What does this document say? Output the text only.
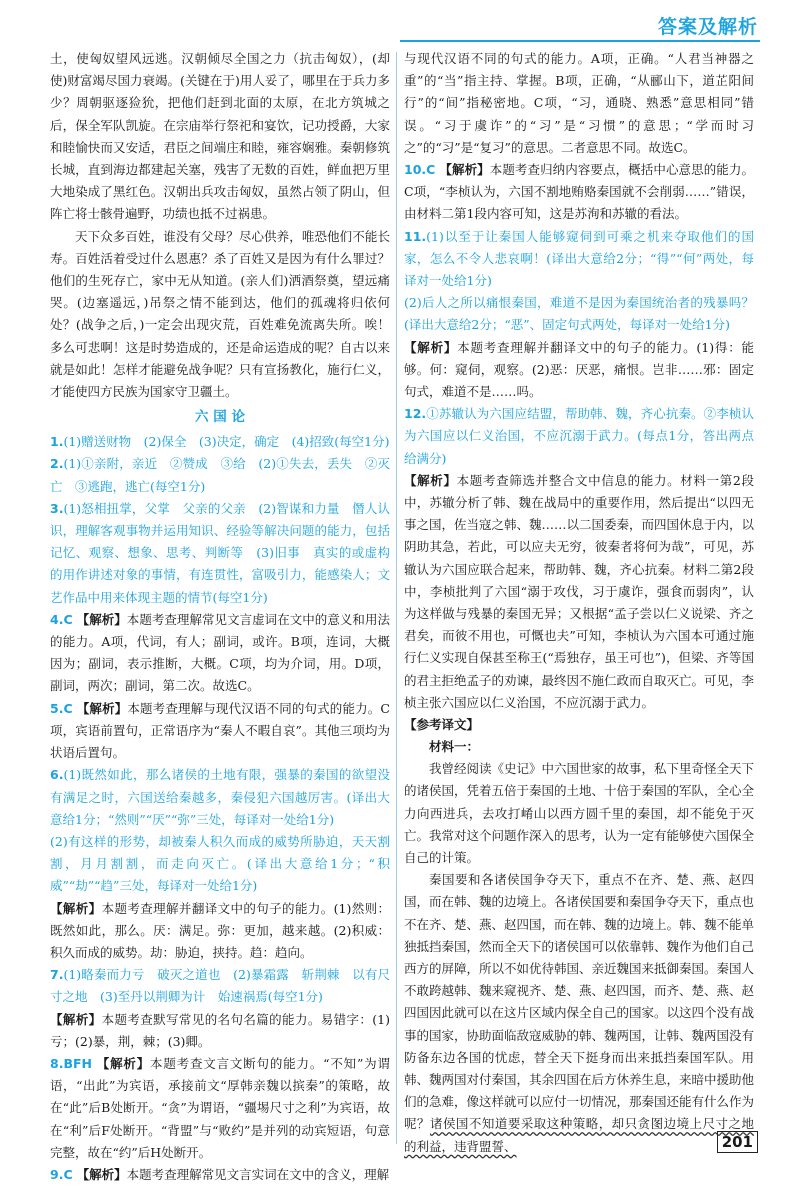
答案及解析

土，使匈奴望风远逃。汉朝倾尽全国之力（抗击匈奴），(却使)财富竭尽国力衰竭。(关键在于)用人妥了，哪里在于兵力多少？周朝驱逐猃狁，把他们赶到北面的太原，在北方筑城之后，保全军队凯旋。在宗庙举行祭祀和宴饮，记功授爵，大家和睦愉快而又安适，君臣之间端庄和睦，雍容娴雅。秦朝修筑长城，直到海边都建起关塞，残害了无数的百姓，鲜血把万里大地染成了黑红色。汉朝出兵攻击匈奴，虽然占领了阴山，但阵亡将士骸骨遍野，功绩也抵不过祸患。

天下众多百姓，谁没有父母？尽心供养，唯恐他们不能长寿。百姓活着受过什么恩惠？杀了百姓又是因为有什么罪过？他们的生死存亡，家中无从知道。(亲人们)洒酒祭奠，望远痛哭。(边塞遥远，)吊祭之情不能到达，他们的孤魂将归依何处？(战争之后，)一定会出现灾荒，百姓难免流离失所。唉！多么可悲啊！这是时势造成的，还是命运造成的呢？自古以来就是如此！怎样才能避免战争呢？只有宣扬教化，施行仁义，才能使四方民族为国家守卫疆土。

六 国 论

1.(1)赠送财物　(2)保全　(3)决定，确定　(4)招致(每空1分)

2.(1)①亲附，亲近　②赞成　③给　(2)①失去，丢失　②灭亡　③逃跑，逃亡(每空1分)

3.(1)怒相扭掌，父掌　父亲的父亲　(2)智谋和力量　僭人认识，理解客观事物并运用知识、经验等解决问题的能力，包括记忆、观察、想象、思考、判断等　(3)旧事　真实的或虚构的用作讲述对象的事情，有连贯性，富吸引力，能感染人；文艺作品中用来体现主题的情节(每空1分)

4.C 【解析】本题考查理解常见文言虚词在文中的意义和用法的能力。A项，代词，有人；副词，或许。B项，连词，大概因为；副词，表示推断，大概。C项，均为介词，用。D项，副词，两次；副词，第二次。故选C。

5.C 【解析】本题考查理解与现代汉语不同的句式的能力。C项，宾语前置句，正常语序为“秦人不暇自哀”。其他三项均为状语后置句。

6.(1)既然如此，那么诸侯的土地有限，强暴的秦国的欲望没有满足之时，六国送给秦越多，秦侵犯六国越厉害。(译出大意给1分；“然则”“厌”“弥”三处，每译对一处给1分)

(2)有这样的形势，却被秦人积久而成的威势所胁迫，天天割割，月月割割，而走向灭亡。(译出大意给1分；“积威”“劫”“趋”三处，每译对一处给1分)

【解析】本题考查理解并翻译文中的句子的能力。(1)然则：既然如此，那么。厌：满足。弥：更加，越来越。(2)积威：积久而成的威势。劫：胁迫，挟持。趋：趋向。

7.(1)略秦而力亏　破灭之道也　(2)暴霜露　斩荆棘　以有尺寸之地　(3)至丹以荆卿为计　始速祸焉(每空1分)

【解析】本题考查默写常见的名句名篇的能力。易错字：(1)亏；(2)暴，荆，棘；(3)卿。

8.BFH 【解析】本题考查文言文断句的能力。“不知”为谓语，“出此”为宾语，承接前文“厚韩亲魏以摈秦”的策略，故在“此”后B处断开。“贪”为谓语，“疆埸尺寸之利”为宾语，故在“利”后F处断开。“背盟”与“败约”是并列的动宾短语，句意完整，故在“约”后H处断开。

9.C 【解析】本题考查理解常见文言实词在文中的含义，理解

与现代汉语不同的句式的能力。A项，正确。“人君当神器之重”的“当”指主持、掌握。B项，正确，“从郦山下，道芷阳间行”的“间”指秘密地。C项，“习，通晓、熟悉”意思相同”错误。“习于虞诈”的“习”是“习惯”的意思；“学而时习之”的“习”是“复习”的意思。二者意思不同。故选C。

10.C 【解析】本题考查归纳内容要点，概括中心意思的能力。C项，“李桢认为，六国不割地贿赂秦国就不会削弱……”错误，由材料二第1段内容可知，这是苏洵和苏辙的看法。

11.(1)以至于让秦国人能够窥伺到可乘之机来夺取他们的国家，怎么不令人悲哀啊！(译出大意给2分；“得”“何”两处，每译对一处给1分)

(2)后人之所以痛恨秦国，难道不是因为秦国统治者的残暴吗？(译出大意给2分；“恶”、固定句式两处，每译对一处给1分)

【解析】本题考查理解并翻译文中的句子的能力。(1)得：能够。何：窥伺，观察。(2)恶：厌恶，痛恨。岂非……邪：固定句式，难道不是……吗。

12.①苏辙认为六国应结盟，帮助韩、魏，齐心抗秦。②李桢认为六国应以仁义治国，不应沉溺于武力。(每点1分，答出两点给满分)

【解析】本题考查筛选并整合文中信息的能力。材料一第2段中，苏辙分析了韩、魏在战局中的重要作用，然后提出“以四无事之国，佐当寇之韩、魏……以二国委秦，而四国休息于内，以阴助其急，若此，可以应夫无穷，彼秦者将何为哉”，可见，苏辙认为六国应联合起来，帮助韩、魏，齐心抗秦。材料二第2段中，李桢批判了六国“溺于攻伐，习于虞诈，强食而弱肉”，认为这样做与残暴的秦国无异；又根据“孟子尝以仁义说梁、齐之君矣，而彼不用也，可慨也夫”可知，李桢认为六国本可通过施行仁义实现自保甚至称王(“焉独存，虽王可也”)，但梁、齐等国的君主拒绝孟子的劝谏，最终因不施仁政而自取灭亡。可见，李桢主张六国应以仁义治国，不应沉溺于武力。

【参考译文】
材料一：

我曾经阅读《史记》中六国世家的故事，私下里奇怪全天下的诸侯国，凭着五倍于秦国的土地、十倍于秦国的军队，全心全力向西进兵，去攻打崤山以西方圆千里的秦国，却不能免于灭亡。我常对这个问题作深入的思考，认为一定有能够使六国保全自己的计策。

秦国要和各诸侯国争夺天下，重点不在齐、楚、燕、赵四国，而在韩、魏的边境上。各诸侯国要和秦国争夺天下，重点也不在齐、楚、燕、赵四国，而在韩、魏的边境上。韩、魏不能单独抵挡秦国，然而全天下的诸侯国可以依靠韩、魏作为他们自己西方的屏障，所以不如优待韩国、亲近魏国来抵御秦国。秦国人不敢跨越韩、魏来窥视齐、楚、燕、赵四国，而齐、楚、燕、赵四国因此就可以在这片区域内保全自己的国家。以这四个没有战事的国家，协助面临敌寇威胁的韩、魏两国，让韩、魏两国没有防备东边各国的忧虑，替全天下挺身而出来抵挡秦国军队。用韩、魏两国对付秦国，其余四国在后方休养生息，来暗中援助他们的急难，像这样就可以应付一切情况，那秦国还能有什么作为呢？诸侯国不知道要采取这种策略，却只贪图边境上尺寸之地的利益，违背盟誓、	201
